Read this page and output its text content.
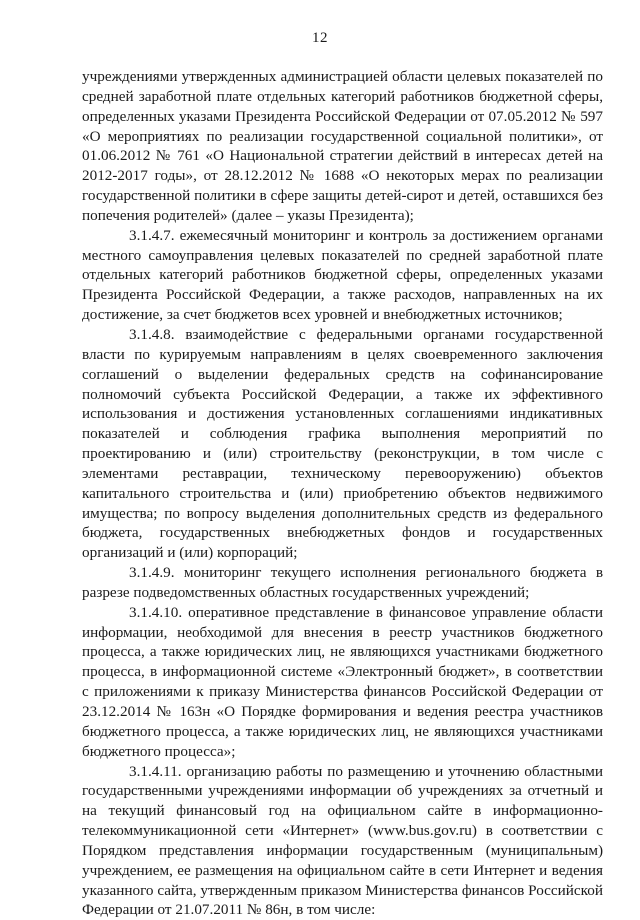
12

учреждениями утвержденных администрацией области целевых показателей по средней заработной плате отдельных категорий работников бюджетной сферы, определенных указами Президента Российской Федерации от 07.05.2012 № 597 «О мероприятиях по реализации государственной социальной политики», от 01.06.2012 № 761 «О Национальной стратегии действий в интересах детей на 2012-2017 годы», от 28.12.2012 № 1688 «О некоторых мерах по реализации государственной политики в сфере защиты детей-сирот и детей, оставшихся без попечения родителей» (далее – указы Президента);

3.1.4.7. ежемесячный мониторинг и контроль за достижением органами местного самоуправления целевых показателей по средней заработной плате отдельных категорий работников бюджетной сферы, определенных указами Президента Российской Федерации, а также расходов, направленных на их достижение, за счет бюджетов всех уровней и внебюджетных источников;

3.1.4.8. взаимодействие с федеральными органами государственной власти по курируемым направлениям в целях своевременного заключения соглашений о выделении федеральных средств на софинансирование полномочий субъекта Российской Федерации, а также их эффективного использования и достижения установленных соглашениями индикативных показателей и соблюдения графика выполнения мероприятий по проектированию и (или) строительству (реконструкции, в том числе с элементами реставрации, техническому перевооружению) объектов капитального строительства и (или) приобретению объектов недвижимого имущества; по вопросу выделения дополнительных средств из федерального бюджета, государственных внебюджетных фондов и государственных организаций и (или) корпораций;

3.1.4.9. мониторинг текущего исполнения регионального бюджета в разрезе подведомственных областных государственных учреждений;

3.1.4.10. оперативное представление в финансовое управление области информации, необходимой для внесения в реестр участников бюджетного процесса, а также юридических лиц, не являющихся участниками бюджетного процесса, в информационной системе «Электронный бюджет», в соответствии с приложениями к приказу Министерства финансов Российской Федерации от 23.12.2014 № 163н «О Порядке формирования и ведения реестра участников бюджетного процесса, а также юридических лиц, не являющихся участниками бюджетного процесса»;

3.1.4.11. организацию работы по размещению и уточнению областными государственными учреждениями информации об учреждениях за отчетный и на текущий финансовый год на официальном сайте в информационно-телекоммуникационной сети «Интернет» (www.bus.gov.ru) в соответствии с Порядком представления информации государственным (муниципальным) учреждением, ее размещения на официальном сайте в сети Интернет и ведения указанного сайта, утвержденным приказом Министерства финансов Российской Федерации от 21.07.2011 № 86н, в том числе:
